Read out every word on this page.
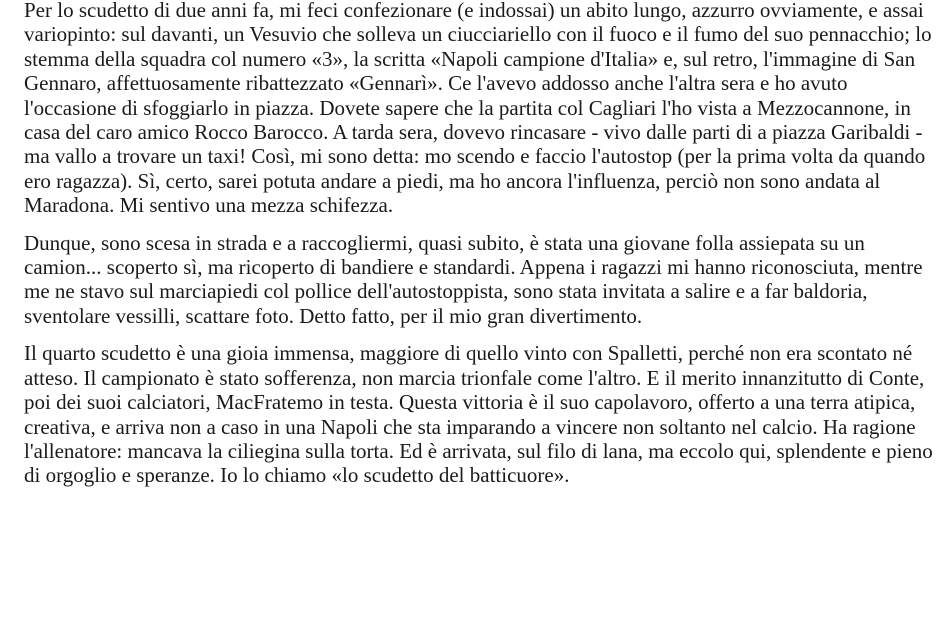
Per lo scudetto di due anni fa, mi feci confezionare (e indossai) un abito lungo, azzurro ovviamente, e assai variopinto: sul davanti, un Vesuvio che solleva un ciucciariello con il fuoco e il fumo del suo pennacchio; lo stemma della squadra col numero «3», la scritta «Napoli campione d'Italia» e, sul retro, l'immagine di San Gennaro, affettuosamente ribattezzato «Gennarì». Ce l'avevo addosso anche l'altra sera e ho avuto l'occasione di sfoggiarlo in piazza. Dovete sapere che la partita col Cagliari l'ho vista a Mezzocannone, in casa del caro amico Rocco Barocco. A tarda sera, dovevo rincasare - vivo dalle parti di a piazza Garibaldi - ma vallo a trovare un taxi! Così, mi sono detta: mo scendo e faccio l'autostop (per la prima volta da quando ero ragazza). Sì, certo, sarei potuta andare a piedi, ma ho ancora l'influenza, perciò non sono andata al Maradona. Mi sentivo una mezza schifezza.

Dunque, sono scesa in strada e a raccogliermi, quasi subito, è stata una giovane folla assiepata su un camion... scoperto sì, ma ricoperto di bandiere e standardi. Appena i ragazzi mi hanno riconosciuta, mentre me ne stavo sul marciapiedi col pollice dell'autostoppista, sono stata invitata a salire e a far baldoria, sventolare vessilli, scattare foto. Detto fatto, per il mio gran divertimento.

Il quarto scudetto è una gioia immensa, maggiore di quello vinto con Spalletti, perché non era scontato né atteso. Il campionato è stato sofferenza, non marcia trionfale come l'altro. E il merito innanzitutto di Conte, poi dei suoi calciatori, MacFratemo in testa. Questa vittoria è il suo capolavoro, offerto a una terra atipica, creativa, e arriva non a caso in una Napoli che sta imparando a vincere non soltanto nel calcio. Ha ragione l'allenatore: mancava la ciliegina sulla torta. Ed è arrivata, sul filo di lana, ma eccolo qui, splendente e pieno di orgoglio e speranze. Io lo chiamo «lo scudetto del batticuore».
